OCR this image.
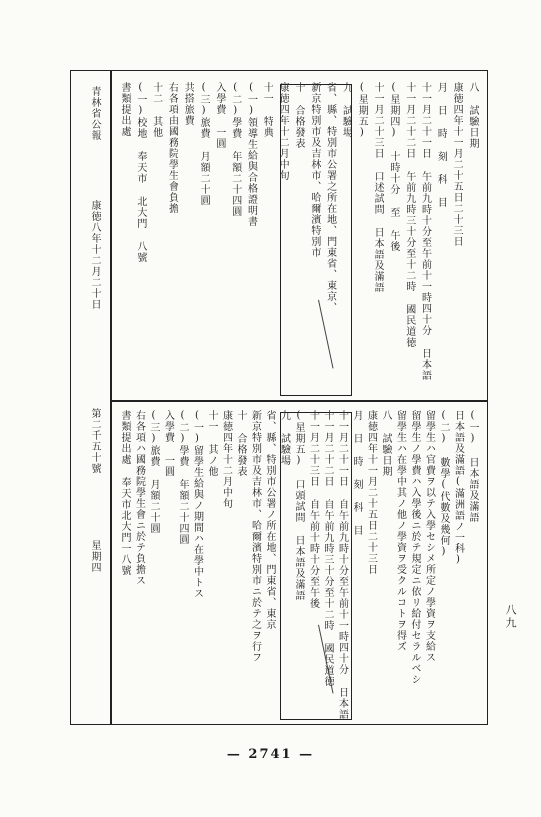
青林省公報
康徳八年十二月二十日
第二千五十號
星期四
八九
— 2741 —
八 試驗日期
康徳四年十一月二十五日二十三日
月 日 時 刻 科 目
十一月二十一日 午前九時十分至午前十一時四十分 日本語
十一月二十二日 午前九時三十分至十二時 國民道徳
(星期四) 十時十分 至 午後
十一月二十三日 口述試問 日本語及滿語
(星期五)
九 試驗場
省、縣、特別市公署之所在地、門東省、東京、
新京特別市及吉林市、哈爾濱特別市
十 合格發表
康徳四年十二月中旬
十一 特典
(一)領導生給與合格證明書
(二)學費 年額二十四圓
入學費 一圓
(三)旅費 月額二十圓
共搭旅費
右各項由國務院學生會負擔
十二 其他
(一)校地 奉天市 北大門 八號
書類提出處
(一) 日本語及滿語
日本語及滿語(滿洲語ノ一科)
(二) 數學(代數及幾何)
留學生ハ官費ヲ以テ入學セシメ所定ノ學資ヲ支給ス
留學生ノ學費ハ入學後ニ於テ規定ニ依リ給付セラルベシ
留學生ハ在學中其ノ他ノ學資ヲ受クルコトヲ得ズ
八 試驗日期
康徳四年十一月二十五日二十三日
月 日 時 刻 科 目
十一月二十一日 自午前九時十分至午前十一時四十分 日本語
十一月二十二日 自午前九時三十分至十二時 國民道徳
十一月二十三日 自午前十時十分至午後
(星期五) 口頭試問 日本語及滿語
九 試驗場
省、縣、特別市公署ノ所在地、門東省、東京
新京特別市及吉林市、哈爾濱特別市ニ於テ之ヲ行フ
十 合格發表
康徳四年十二月中旬
十一 其ノ他
(一)留學生給與ノ期間ハ在學中トス
(二)學費 年額二十四圓
入學費 一圓
(三)旅費 月額二十圓
右各項ハ國務院學生會ニ於テ負擔ス
書類提出處 奉天市北大門一八號
